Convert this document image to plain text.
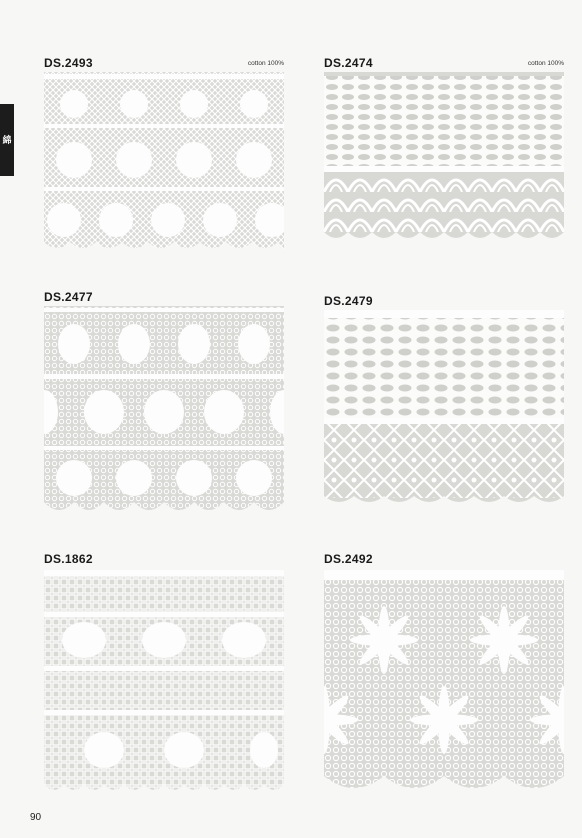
綿
DS.2493	cotton 100%	DS.2474	cotton 100%
DS.2477	DS.2479
DS.1862	DS.2492
90
